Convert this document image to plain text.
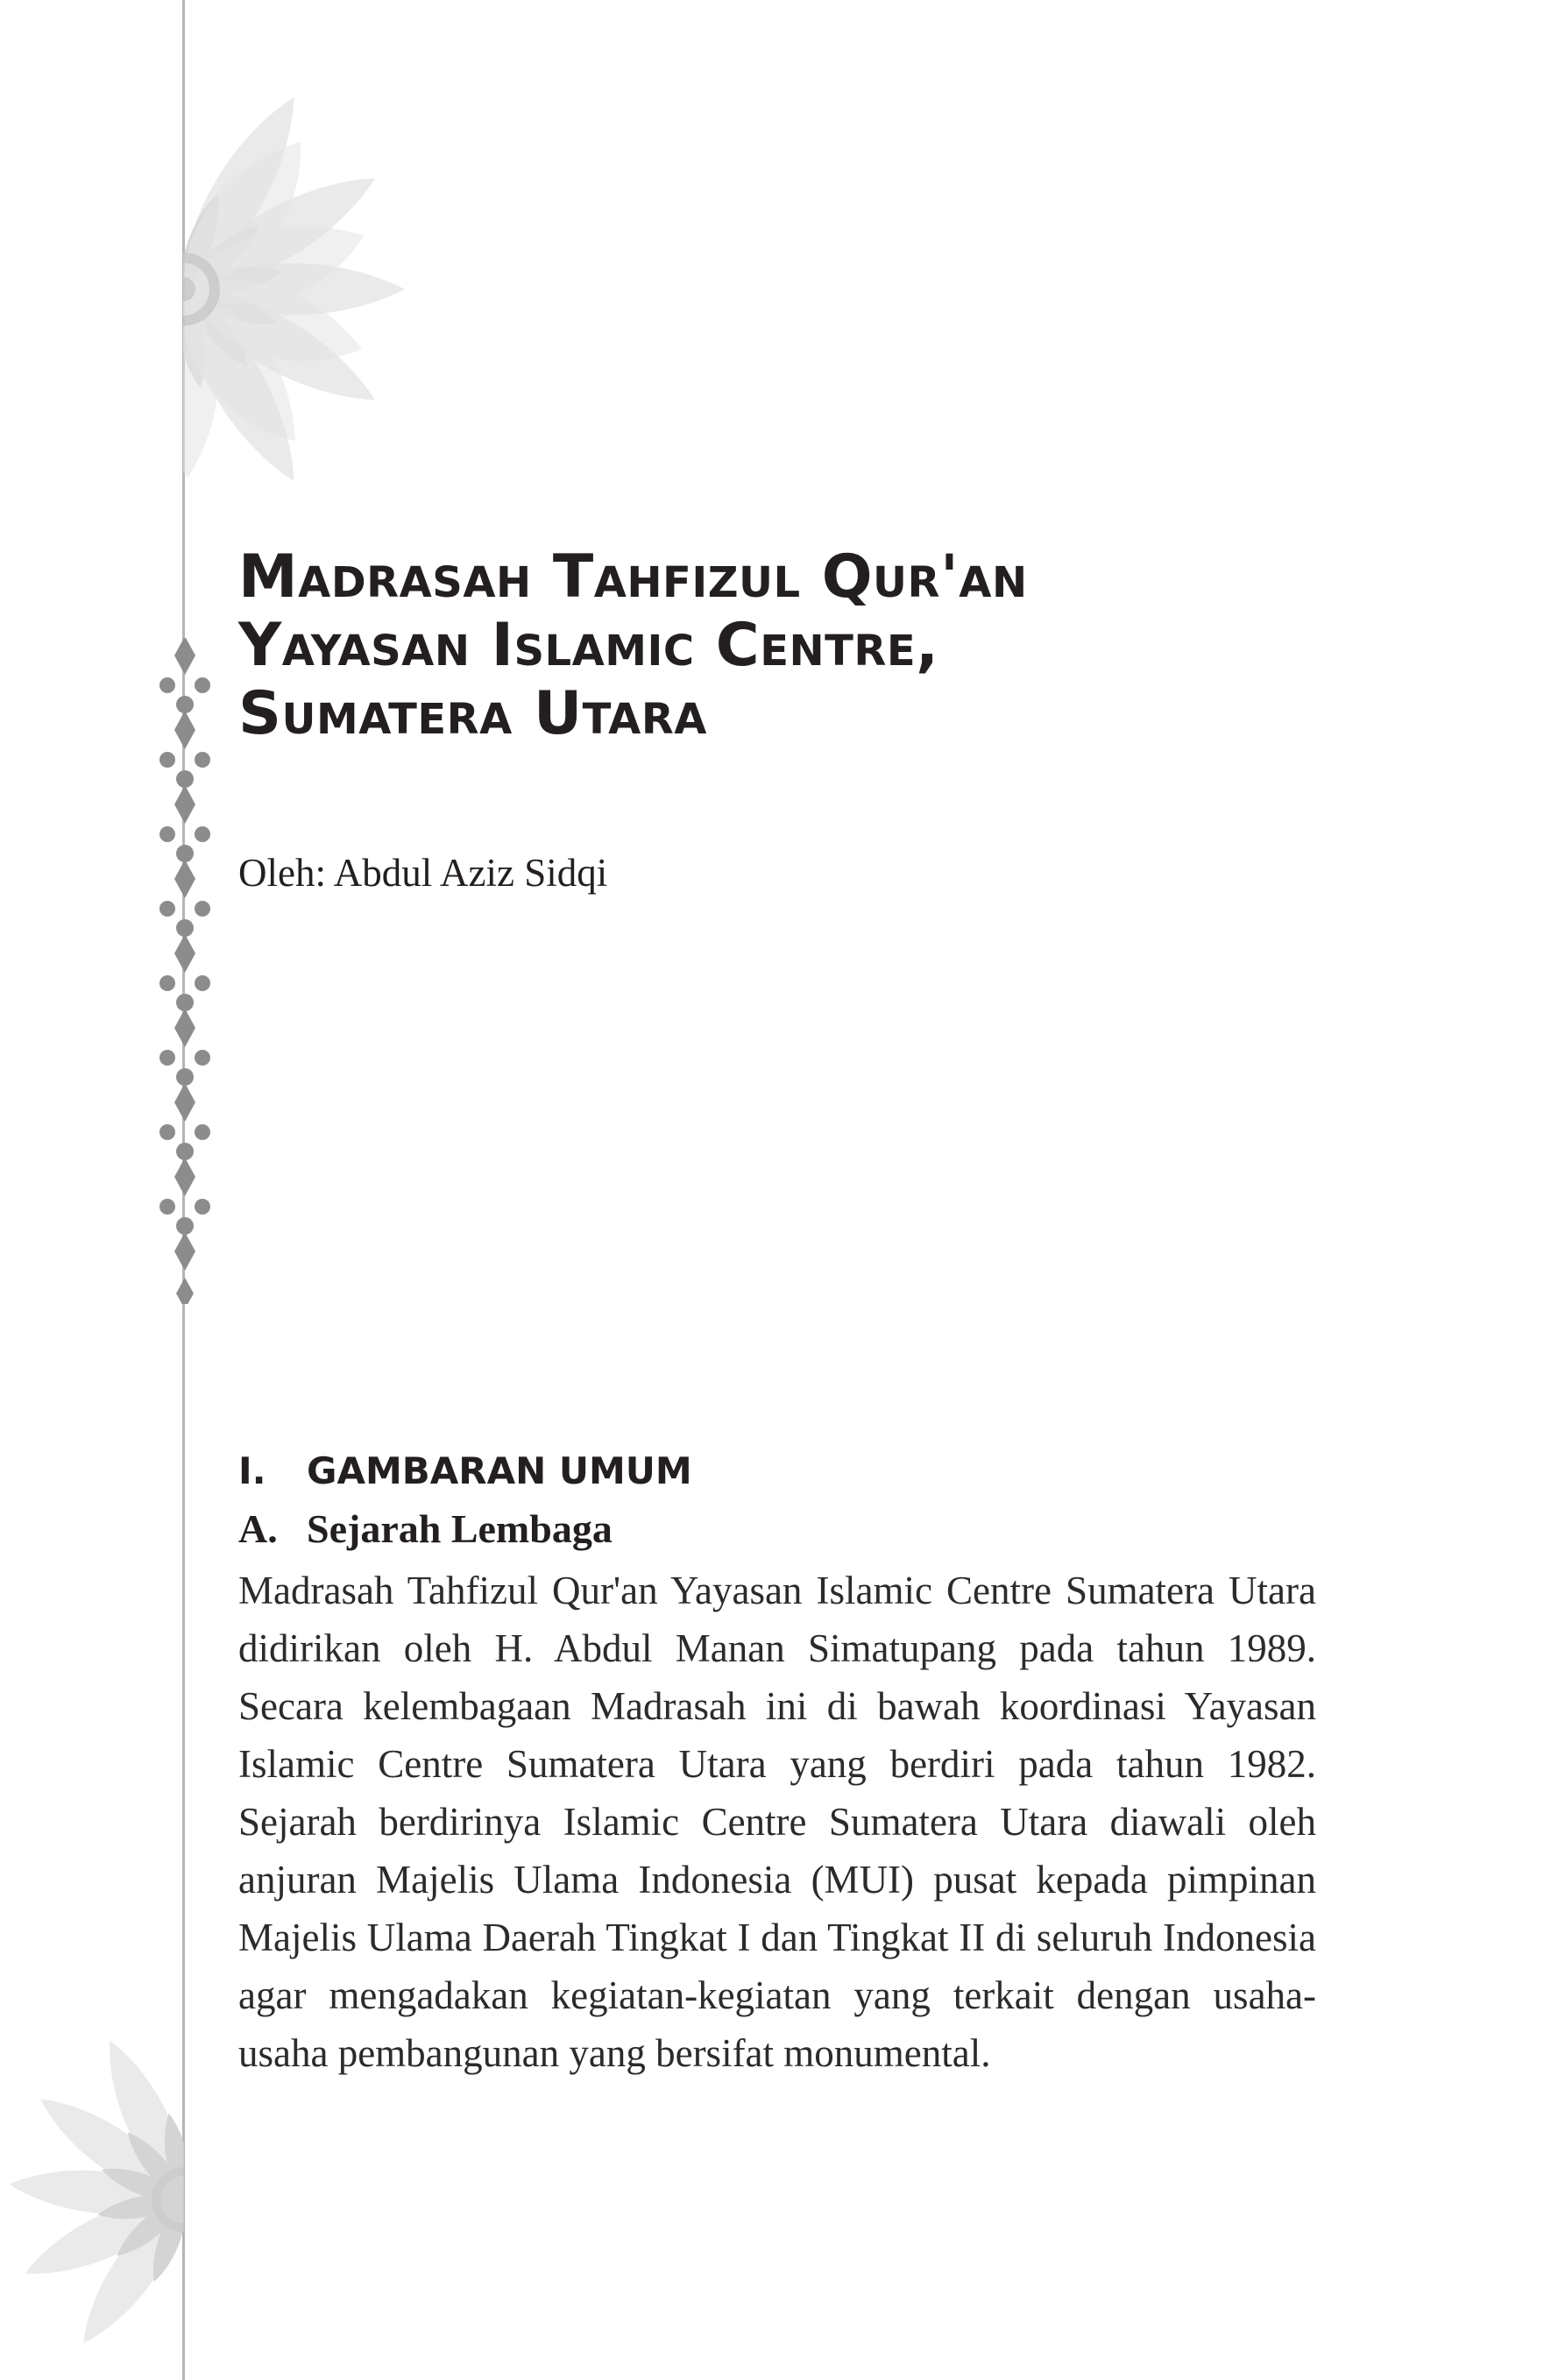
Madrasah Tahfizul Qur'an
Yayasan Islamic Centre,
Sumatera Utara

Oleh: Abdul Aziz Sidqi

I. GAMBARAN UMUM
A. Sejarah Lembaga

Madrasah Tahfizul Qur'an Yayasan Islamic Centre Sumatera Utara didirikan oleh H. Abdul Manan Simatupang pada tahun 1989. Secara kelembagaan Madrasah ini di bawah koordinasi Yayasan Islamic Centre Sumatera Utara yang berdiri pada tahun 1982. Sejarah berdirinya Islamic Centre Sumatera Utara diawali oleh anjuran Majelis Ulama Indonesia (MUI) pusat kepada pimpinan Majelis Ulama Daerah Tingkat I dan Tingkat II di seluruh Indonesia agar mengadakan kegiatan-kegiatan yang terkait dengan usaha-usaha pembangunan yang bersifat monumental.
